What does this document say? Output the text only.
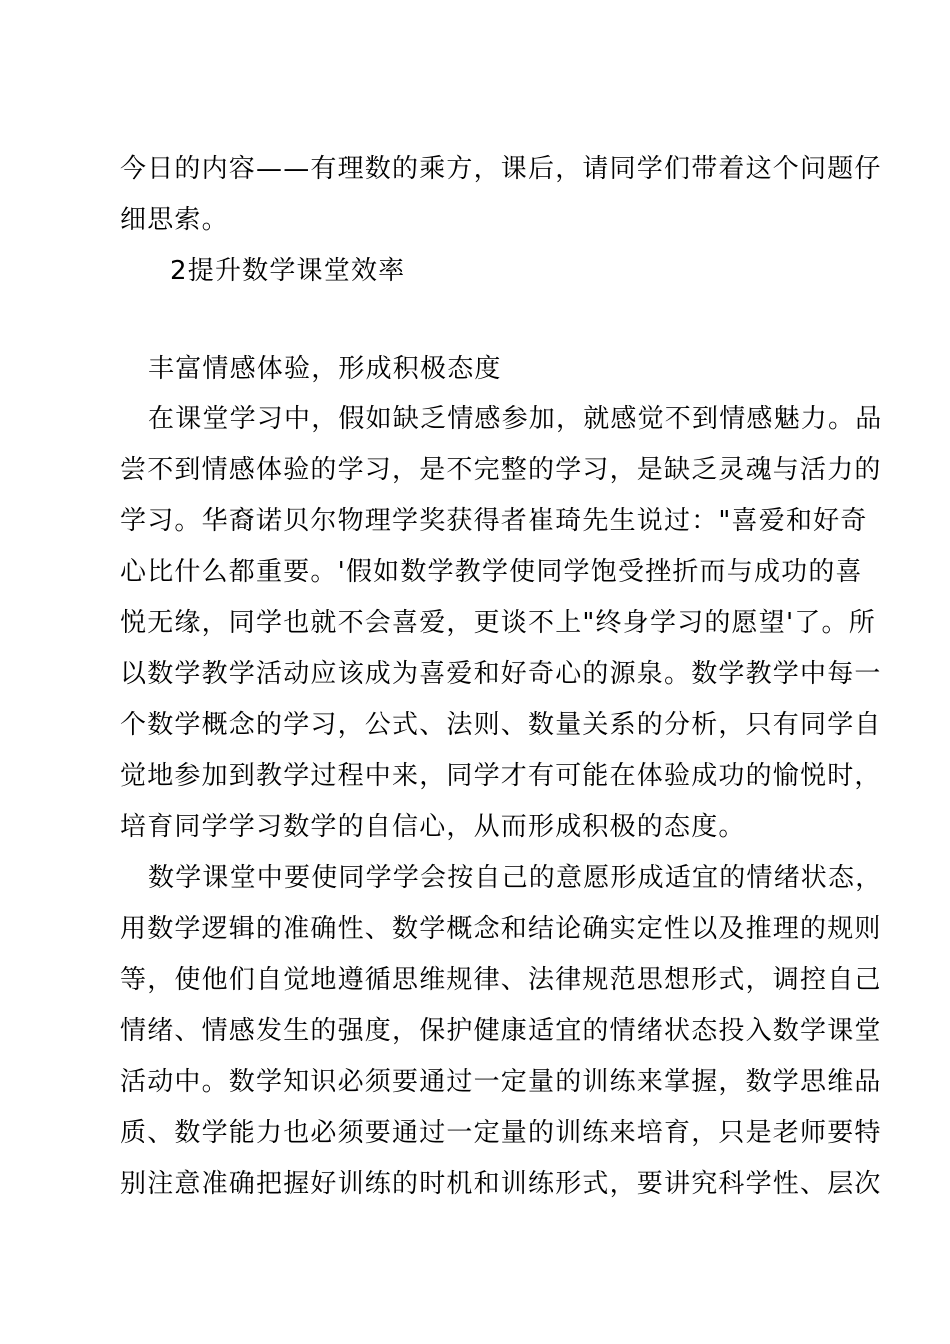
今日的内容——有理数的乘方，课后，请同学们带着这个问题仔
细思索。
2提升数学课堂效率
丰富情感体验，形成积极态度
在课堂学习中，假如缺乏情感参加，就感觉不到情感魅力。品
尝不到情感体验的学习，是不完整的学习，是缺乏灵魂与活力的
学习。华裔诺贝尔物理学奖获得者崔琦先生说过："喜爱和好奇
心比什么都重要。'假如数学教学使同学饱受挫折而与成功的喜
悦无缘，同学也就不会喜爱，更谈不上"终身学习的愿望'了。所
以数学教学活动应该成为喜爱和好奇心的源泉。数学教学中每一
个数学概念的学习，公式、法则、数量关系的分析，只有同学自
觉地参加到教学过程中来，同学才有可能在体验成功的愉悦时，
培育同学学习数学的自信心，从而形成积极的态度。
数学课堂中要使同学学会按自己的意愿形成适宜的情绪状态，
用数学逻辑的准确性、数学概念和结论确实定性以及推理的规则
等，使他们自觉地遵循思维规律、法律规范思想形式，调控自己
情绪、情感发生的强度，保护健康适宜的情绪状态投入数学课堂
活动中。数学知识必须要通过一定量的训练来掌握，数学思维品
质、数学能力也必须要通过一定量的训练来培育，只是老师要特
别注意准确把握好训练的时机和训练形式，要讲究科学性、层次
